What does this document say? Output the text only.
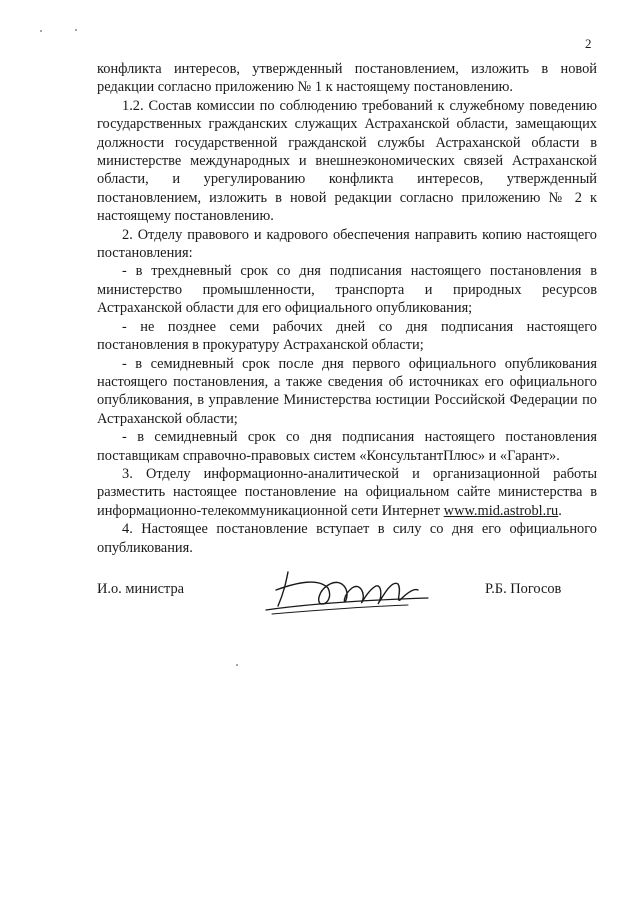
2

конфликта интересов, утвержденный постановлением, изложить в новой редакции согласно приложению № 1 к настоящему постановлению.

1.2. Состав комиссии по соблюдению требований к служебному поведению государственных гражданских служащих Астраханской области, замещающих должности государственной гражданской службы Астраханской области в министерстве международных и внешнеэкономических связей Астраханской области, и урегулированию конфликта интересов, утвержденный постановлением, изложить в новой редакции согласно приложению № 2 к настоящему постановлению.

2. Отделу правового и кадрового обеспечения направить копию настоящего постановления:

- в трехдневный срок со дня подписания настоящего постановления в министерство промышленности, транспорта и природных ресурсов Астраханской области для его официального опубликования;

- не позднее семи рабочих дней со дня подписания настоящего постановления в прокуратуру Астраханской области;

- в семидневный срок после дня первого официального опубликования настоящего постановления, а также сведения об источниках его официального опубликования, в управление Министерства юстиции Российской Федерации по Астраханской области;

- в семидневный срок со дня подписания настоящего постановления поставщикам справочно-правовых систем «КонсультантПлюс» и «Гарант».

3. Отделу информационно-аналитической и организационной работы разместить настоящее постановление на официальном сайте министерства в информационно-телекоммуникационной сети Интернет www.mid.astrobl.ru.

4. Настоящее постановление вступает в силу со дня его официального опубликования.

И.о. министра	Р.Б. Погосов
